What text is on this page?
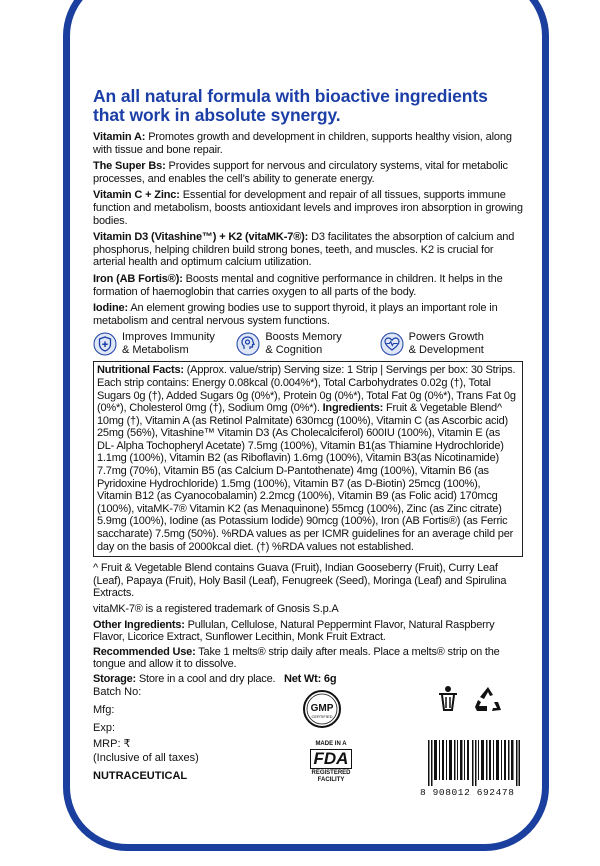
An all natural formula with bioactive ingredients that work in absolute synergy.
Vitamin A: Promotes growth and development in children, supports healthy vision, along with tissue and bone repair.
The Super Bs: Provides support for nervous and circulatory systems, vital for metabolic processes, and enables the cell’s ability to generate energy.
Vitamin C + Zinc: Essential for development and repair of all tissues, supports immune function and metabolism, boosts antioxidant levels and improves iron absorption in growing bodies.
Vitamin D3 (Vitashine™) + K2 (vitaMK-7®): D3 facilitates the absorption of calcium and phosphorus, helping children build strong bones, teeth, and muscles. K2 is crucial for arterial health and optimum calcium utilization.
Iron (AB Fortis®): Boosts mental and cognitive performance in children. It helps in the formation of haemoglobin that carries oxygen to all parts of the body.
Iodine: An element growing bodies use to support thyroid, it plays an important role in metabolism and central nervous system functions.
Improves Immunity
& Metabolism
Boosts Memory
& Cognition
Powers Growth
& Development
Nutritional Facts: (Approx. value/strip) Serving size: 1 Strip | Servings per box: 30 Strips. Each strip contains: Energy 0.08kcal (0.004%*), Total Carbohydrates 0.02g (†), Total Sugars 0g (†), Added Sugars 0g (0%*), Protein 0g (0%*), Total Fat 0g (0%*), Trans Fat 0g (0%*), Cholesterol 0mg (†), Sodium 0mg (0%*). Ingredients: Fruit & Vegetable Blend^ 10mg (†), Vitamin A (as Retinol Palmitate) 630mcg (100%), Vitamin C (as Ascorbic acid) 25mg (56%), Vitashine™ Vitamin D3 (As Cholecalciferol) 600IU (100%), Vitamin E (as DL- Alpha Tochopheryl Acetate) 7.5mg (100%), Vitamin B1(as Thiamine Hydrochloride) 1.1mg (100%), Vitamin B2 (as Riboflavin) 1.6mg (100%), Vitamin B3(as Nicotinamide) 7.7mg (70%), Vitamin B5 (as Calcium D-Pantothenate) 4mg (100%), Vitamin B6 (as Pyridoxine Hydrochloride) 1.5mg (100%), Vitamin B7 (as D-Biotin) 25mcg (100%), Vitamin B12 (as Cyanocobalamin) 2.2mcg (100%), Vitamin B9 (as Folic acid) 170mcg (100%), vitaMK-7® Vitamin K2 (as Menaquinone) 55mcg (100%), Zinc (as Zinc citrate) 5.9mg (100%), Iodine (as Potassium Iodide) 90mcg (100%), Iron (AB Fortis®) (as Ferric saccharate) 7.5mg (50%). %RDA values as per ICMR guidelines for an average child per day on the basis of 2000kcal diet. (†) %RDA values not established.
^ Fruit & Vegetable Blend contains Guava (Fruit), Indian Gooseberry (Fruit), Curry Leaf (Leaf), Papaya (Fruit), Holy Basil (Leaf), Fenugreek (Seed), Moringa (Leaf) and Spirulina Extracts.
vitaMK-7® is a registered trademark of Gnosis S.p.A
Other Ingredients: Pullulan, Cellulose, Natural Peppermint Flavor, Natural Raspberry Flavor, Licorice Extract, Sunflower Lecithin, Monk Fruit Extract.
Recommended Use: Take 1 melts® strip daily after meals. Place a melts® strip on the tongue and allow it to dissolve.
Storage: Store in a cool and dry place. Net Wt: 6g
Batch No:
Mfg:
Exp:
MRP: ₹
(Inclusive of all taxes)
NUTRACEUTICAL
GMP
CERTIFIED
MADE IN A
FDA
REGISTERED
FACILITY
8 908012 692478
